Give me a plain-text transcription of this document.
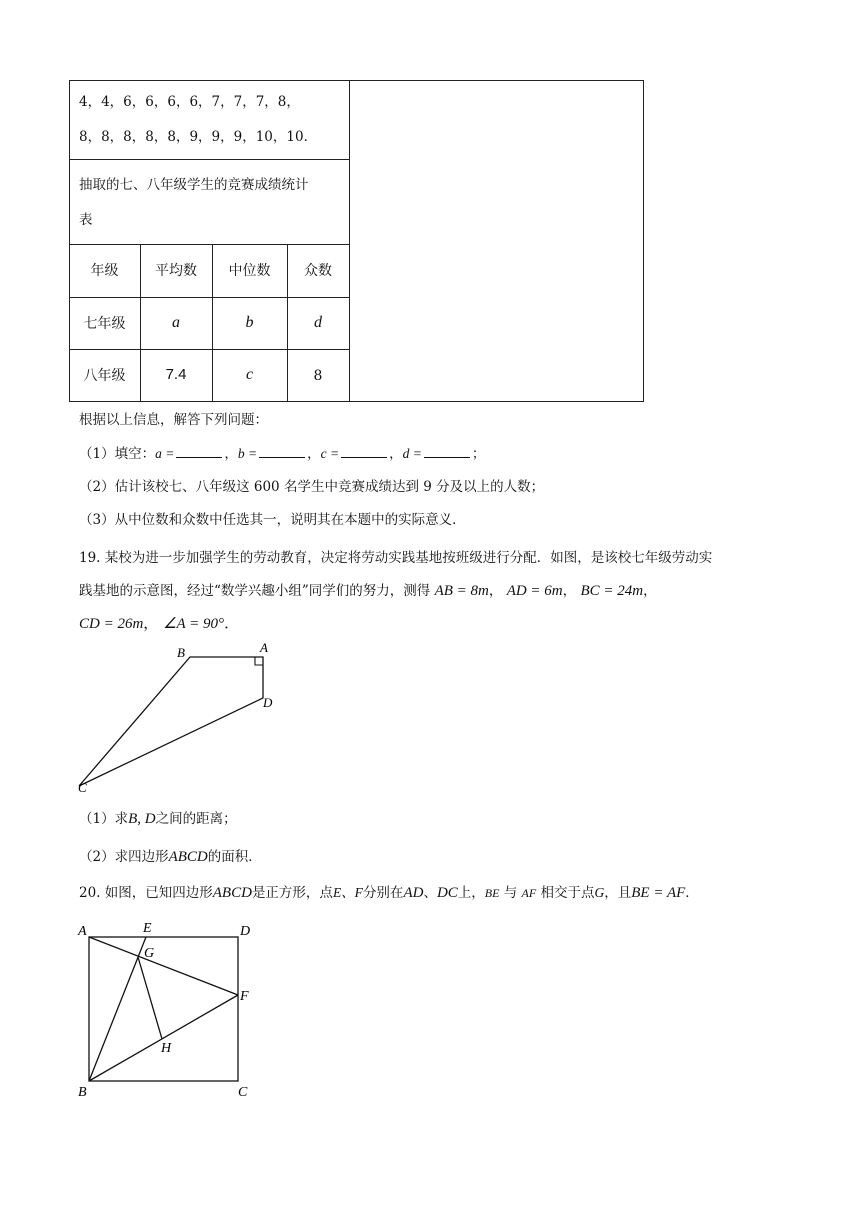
4，4，6，6，6，6，7，7，7，8，
8，8，8，8，8，9，9，9，10，10．
抽取的七、八年级学生的竞赛成绩统计
表
年级	平均数	中位数	众数
七年级	a	b	d
八年级	7.4	c	8
根据以上信息，解答下列问题：
（1）填空：a =	，b =	，c =	，d =	；
（2）估计该校七、八年级这 600 名学生中竞赛成绩达到 9 分及以上的人数；
（3）从中位数和众数中任选其一，说明其在本题中的实际意义．
19. 某校为进一步加强学生的劳动教育，决定将劳动实践基地按班级进行分配．如图，是该校七年级劳动实
践基地的示意图，经过“数学兴趣小组”同学们的努力，测得 AB = 8m， AD = 6m， BC = 24m，
CD = 26m， ∠A = 90°．
B	A
D
C
（1）求B, D之间的距离；
（2）求四边形ABCD的面积．
20. 如图，已知四边形ABCD是正方形，点E、F分别在AD、DC上，BE 与 AF 相交于点G，且BE = AF．
A	E	D
G
F
H
B	C
